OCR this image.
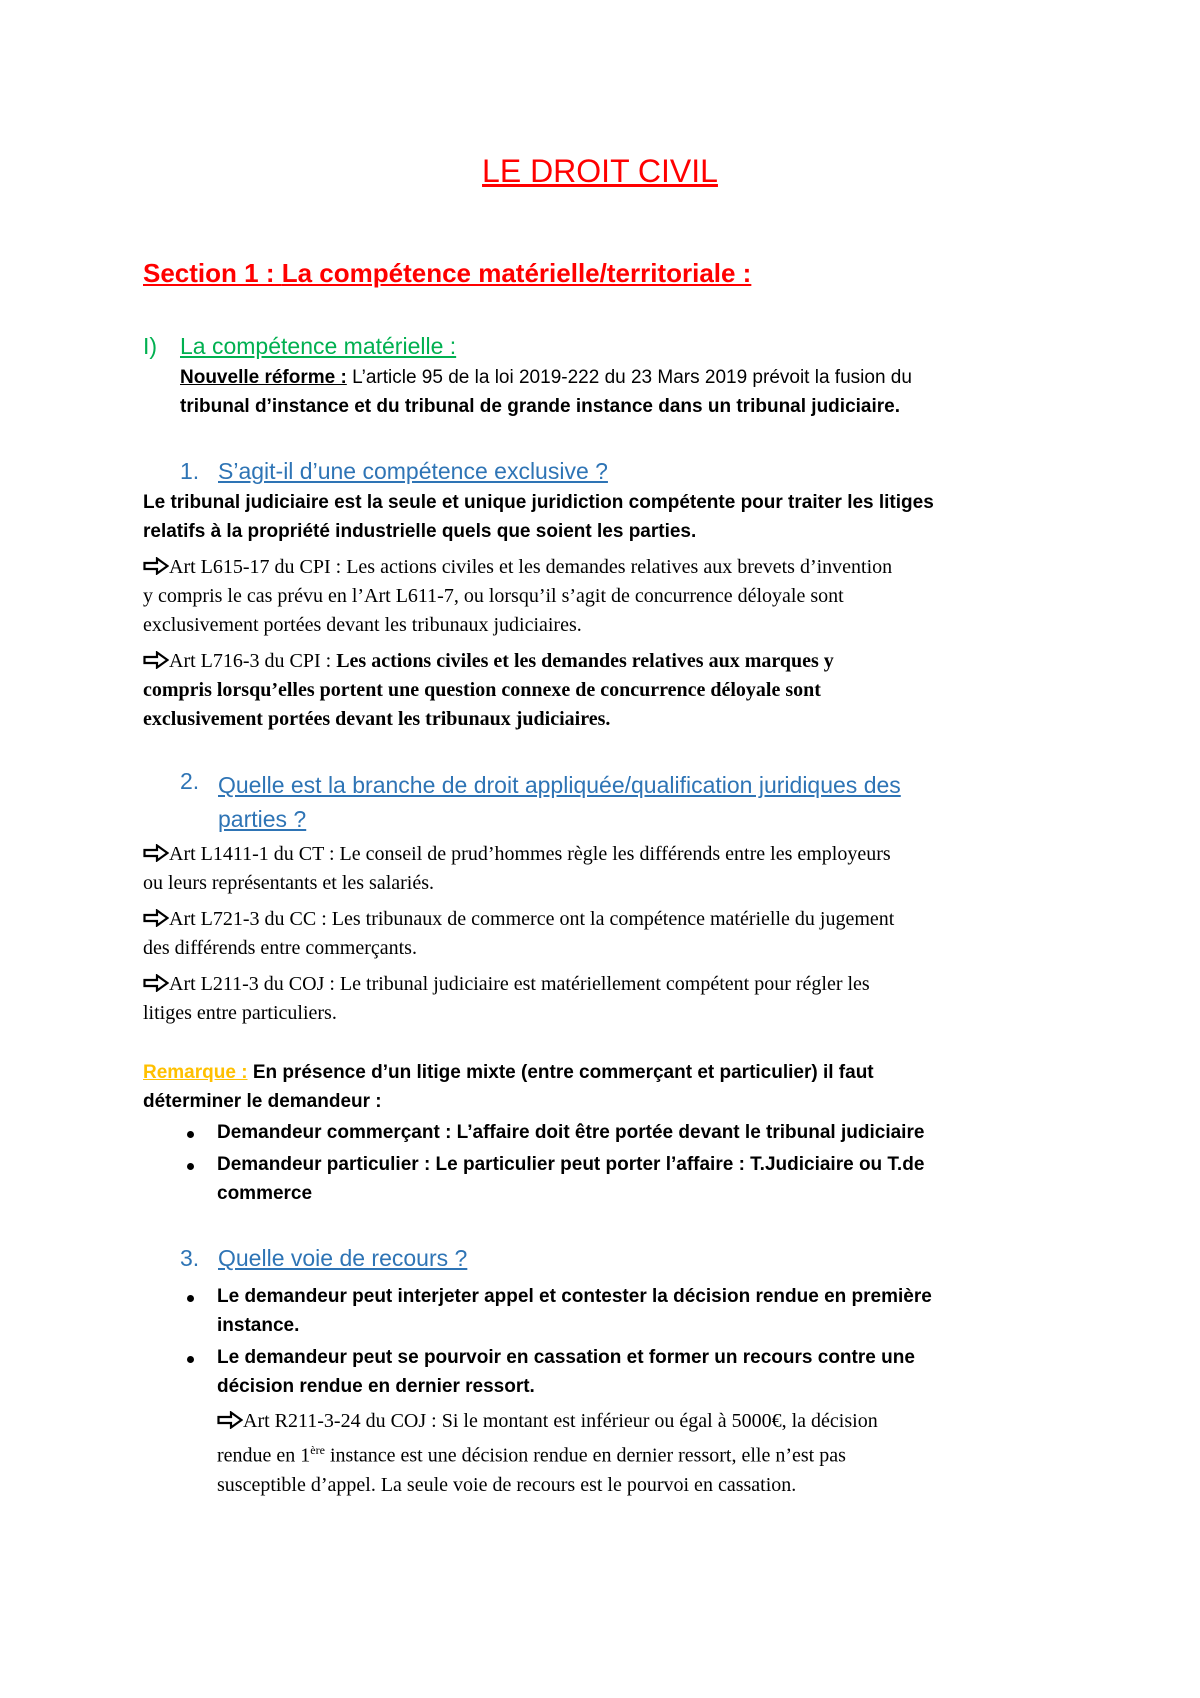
LE DROIT CIVIL
Section 1 : La compétence matérielle/territoriale :
I) La compétence matérielle :
Nouvelle réforme : L’article 95 de la loi 2019-222 du 23 Mars 2019 prévoit la fusion du
tribunal d’instance et du tribunal de grande instance dans un tribunal judiciaire.
1. S’agit-il d’une compétence exclusive ?
Le tribunal judiciaire est la seule et unique juridiction compétente pour traiter les litiges
relatifs à la propriété industrielle quels que soient les parties.
Art L615-17 du CPI : Les actions civiles et les demandes relatives aux brevets d’invention
y compris le cas prévu en l’Art L611-7, ou lorsqu’il s’agit de concurrence déloyale sont
exclusivement portées devant les tribunaux judiciaires.
Art L716-3 du CPI : Les actions civiles et les demandes relatives aux marques y
compris lorsqu’elles portent une question connexe de concurrence déloyale sont
exclusivement portées devant les tribunaux judiciaires.
2. Quelle est la branche de droit appliquée/qualification juridiques des
parties ?
Art L1411-1 du CT : Le conseil de prud’hommes règle les différends entre les employeurs
ou leurs représentants et les salariés.
Art L721-3 du CC : Les tribunaux de commerce ont la compétence matérielle du jugement
des différends entre commerçants.
Art L211-3 du COJ : Le tribunal judiciaire est matériellement compétent pour régler les
litiges entre particuliers.
Remarque : En présence d’un litige mixte (entre commerçant et particulier) il faut
déterminer le demandeur :
Demandeur commerçant : L’affaire doit être portée devant le tribunal judiciaire
Demandeur particulier : Le particulier peut porter l’affaire : T.Judiciaire ou T.de
commerce
3. Quelle voie de recours ?
Le demandeur peut interjeter appel et contester la décision rendue en première
instance.
Le demandeur peut se pourvoir en cassation et former un recours contre une
décision rendue en dernier ressort.
Art R211-3-24 du COJ : Si le montant est inférieur ou égal à 5000€, la décision
rendue en 1ère instance est une décision rendue en dernier ressort, elle n’est pas
susceptible d’appel. La seule voie de recours est le pourvoi en cassation.
